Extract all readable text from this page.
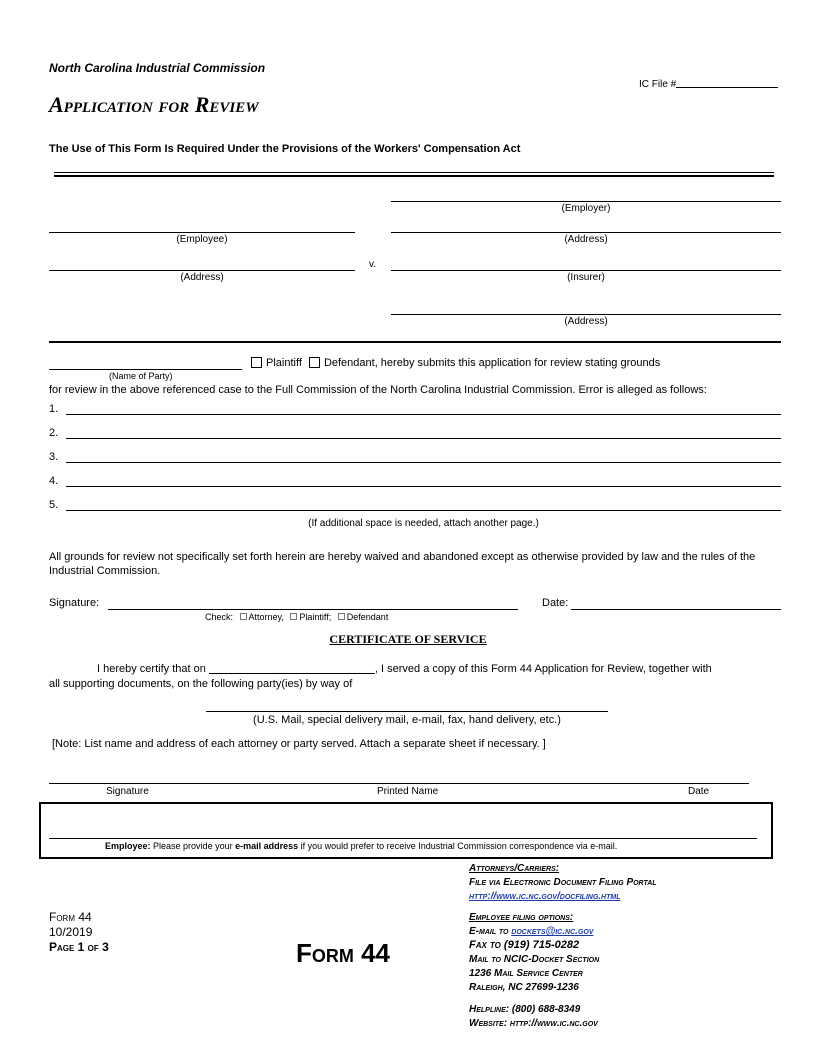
North Carolina Industrial Commission
IC File #
Application for Review
The Use of This Form Is Required Under the Provisions of the Workers' Compensation Act
(Employer)
(Employee)	(Address)
v.
(Address)	(Insurer)
(Address)
Plaintiff Defendant, hereby submits this application for review stating grounds
(Name of Party)
for review in the above referenced case to the Full Commission of the North Carolina Industrial Commission. Error is alleged as follows:
1.
2.
3.
4.
5.
(If additional space is needed, attach another page.)
All grounds for review not specifically set forth herein are hereby waived and abandoned except as otherwise provided by law and the rules of the Industrial Commission.
Signature:	Date:
Check: Attorney, Plaintiff; Defendant
CERTIFICATE OF SERVICE
I hereby certify that on	, I served a copy of this Form 44 Application for Review, together with
all supporting documents, on the following party(ies) by way of
(U.S. Mail, special delivery mail, e-mail, fax, hand delivery, etc.)
[Note: List name and address of each attorney or party served. Attach a separate sheet if necessary. ]
Signature	Printed Name	Date
Employee: Please provide your e-mail address if you would prefer to receive Industrial Commission correspondence via e-mail.
Form 44
10/2019
Page 1 of 3	Form 44
Attorneys/Carriers:
File via Electronic Document Filing Portal
http://www.ic.nc.gov/docfiling.html
Employee filing options:
E-mail to dockets@ic.nc.gov
Fax to (919) 715-0282
Mail to NCIC-Docket Section
1236 Mail Service Center
Raleigh, NC 27699-1236
Helpline: (800) 688-8349
Website: http://www.ic.nc.gov
